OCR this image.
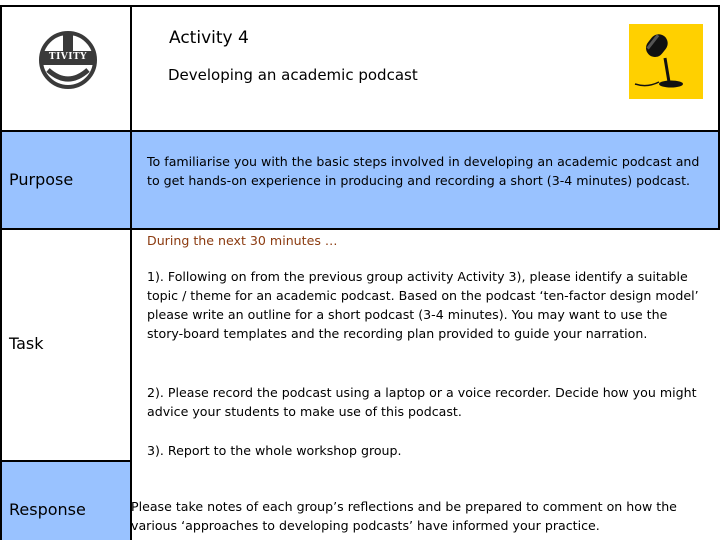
TIVITY
Activity 4
Developing an academic podcast
Purpose
To familiarise you with the basic steps involved in developing an academic podcast and to get hands-on experience in producing and recording a short (3-4 minutes) podcast.
Task
During the next 30 minutes …
1). Following on from the previous group activity Activity 3), please identify a suitable topic / theme for an academic podcast. Based on the podcast ‘ten-factor design model’ please write an outline for a short podcast (3-4 minutes). You may want to use the story-board templates and the recording plan provided to guide your narration.
2). Please record the podcast using a laptop or a voice recorder. Decide how you might advice your students to make use of this podcast.
3). Report to the whole workshop group.
Response	Please take notes of each group’s reflections and be prepared to comment on how the various ‘approaches to developing podcasts’ have informed your practice.
